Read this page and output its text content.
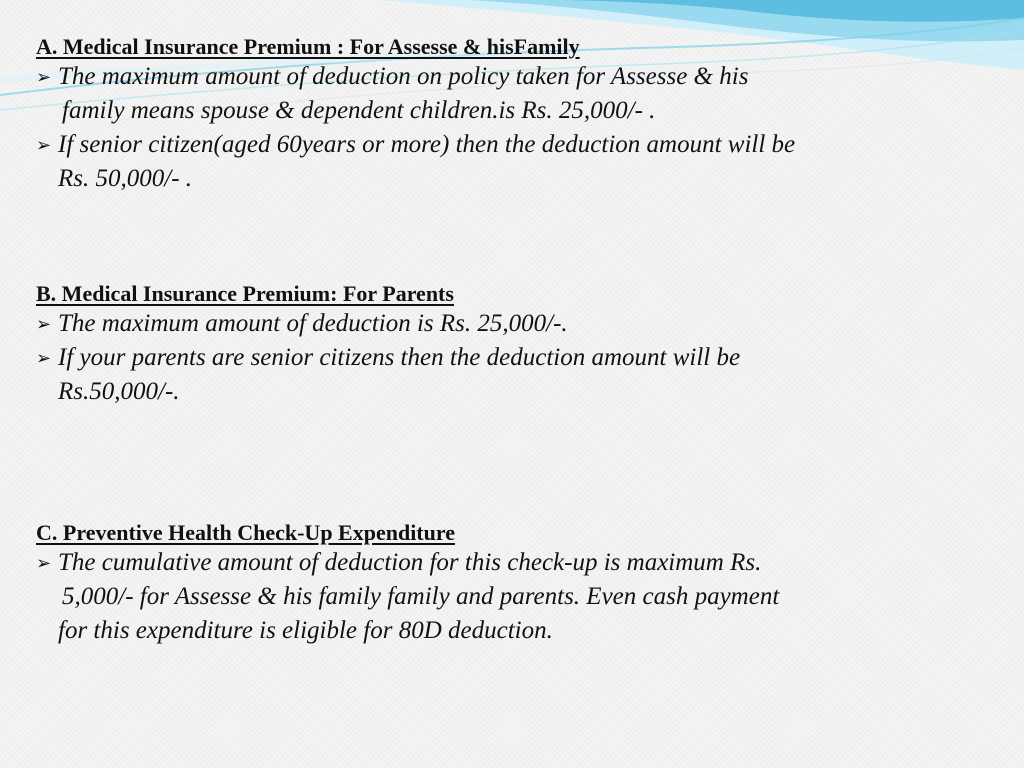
A. Medical Insurance Premium : For Assesse & hisFamily

➢ The maximum amount of deduction on policy taken for Assesse & his
family means spouse & dependent children.is Rs. 25,000/- .

➢ If senior citizen(aged 60years or more) then the deduction amount will be
Rs. 50,000/- .

B. Medical Insurance Premium: For Parents

➢ The maximum amount of deduction is Rs. 25,000/-.

➢ If your parents are senior citizens then the deduction amount will be
Rs.50,000/-.

C. Preventive Health Check-Up Expenditure

➢ The cumulative amount of deduction for this check-up is maximum Rs.
5,000/- for Assesse & his family family and parents. Even cash payment
for this expenditure is eligible for 80D deduction.
